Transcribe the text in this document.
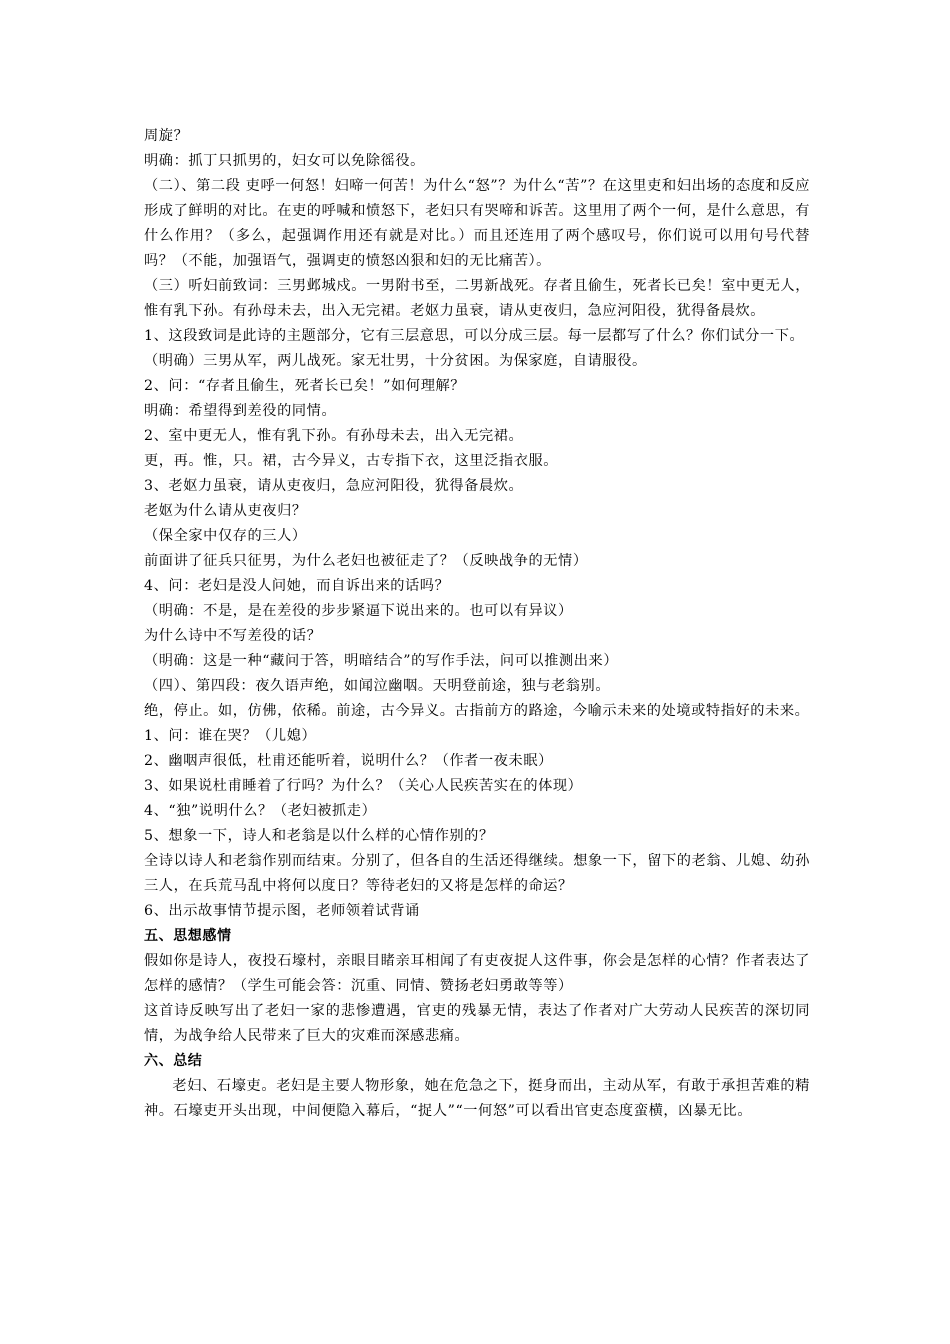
周旋？

明确：抓丁只抓男的，妇女可以免除徭役。

（二）、第二段 吏呼一何怒！妇啼一何苦！为什么“怒”？为什么“苦”？在这里吏和妇出场的态度和反应形成了鲜明的对比。在吏的呼喊和愤怒下，老妇只有哭啼和诉苦。这里用了两个一何，是什么意思，有什么作用？（多么，起强调作用还有就是对比。）而且还连用了两个感叹号，你们说可以用句号代替吗？（不能，加强语气，强调吏的愤怒凶狠和妇的无比痛苦）。

（三）听妇前致词：三男邺城戍。一男附书至，二男新战死。存者且偷生，死者长已矣！室中更无人，惟有乳下孙。有孙母未去，出入无完裙。老妪力虽衰，请从吏夜归，急应河阳役，犹得备晨炊。

1、这段致词是此诗的主题部分，它有三层意思，可以分成三层。每一层都写了什么？你们试分一下。

（明确）三男从军，两儿战死。家无壮男，十分贫困。为保家庭，自请服役。

2、问：“存者且偷生，死者长已矣！”如何理解？

明确：希望得到差役的同情。

2、室中更无人，惟有乳下孙。有孙母未去，出入无完裙。

更，再。惟，只。裙，古今异义，古专指下衣，这里泛指衣服。

3、老妪力虽衰，请从吏夜归，急应河阳役，犹得备晨炊。

老妪为什么请从吏夜归？

（保全家中仅存的三人）

前面讲了征兵只征男，为什么老妇也被征走了？（反映战争的无情）

4、问：老妇是没人问她，而自诉出来的话吗？

（明确：不是，是在差役的步步紧逼下说出来的。也可以有异议）

为什么诗中不写差役的话？

（明确：这是一种“藏问于答，明暗结合”的写作手法，问可以推测出来）

（四）、第四段：夜久语声绝，如闻泣幽咽。天明登前途，独与老翁别。

绝，停止。如，仿佛，依稀。前途，古今异义。古指前方的路途，今喻示未来的处境或特指好的未来。

1、问：谁在哭？（儿媳）

2、幽咽声很低，杜甫还能听着，说明什么？（作者一夜未眠）

3、如果说杜甫睡着了行吗？为什么？（关心人民疾苦实在的体现）

4、“独”说明什么？（老妇被抓走）

5、想象一下，诗人和老翁是以什么样的心情作别的？

全诗以诗人和老翁作别而结束。分别了，但各自的生活还得继续。想象一下，留下的老翁、儿媳、幼孙三人，在兵荒马乱中将何以度日？等待老妇的又将是怎样的命运？

6、出示故事情节提示图，老师领着试背诵

五、思想感情

假如你是诗人，夜投石壕村，亲眼目睹亲耳相闻了有吏夜捉人这件事，你会是怎样的心情？作者表达了怎样的感情？（学生可能会答：沉重、同情、赞扬老妇勇敢等等）

这首诗反映写出了老妇一家的悲惨遭遇，官吏的残暴无情，表达了作者对广大劳动人民疾苦的深切同情，为战争给人民带来了巨大的灾难而深感悲痛。

六、总结

老妇、石壕吏。老妇是主要人物形象，她在危急之下，挺身而出，主动从军，有敢于承担苦难的精神。石壕吏开头出现，中间便隐入幕后，“捉人”“一何怒”可以看出官吏态度蛮横，凶暴无比。
